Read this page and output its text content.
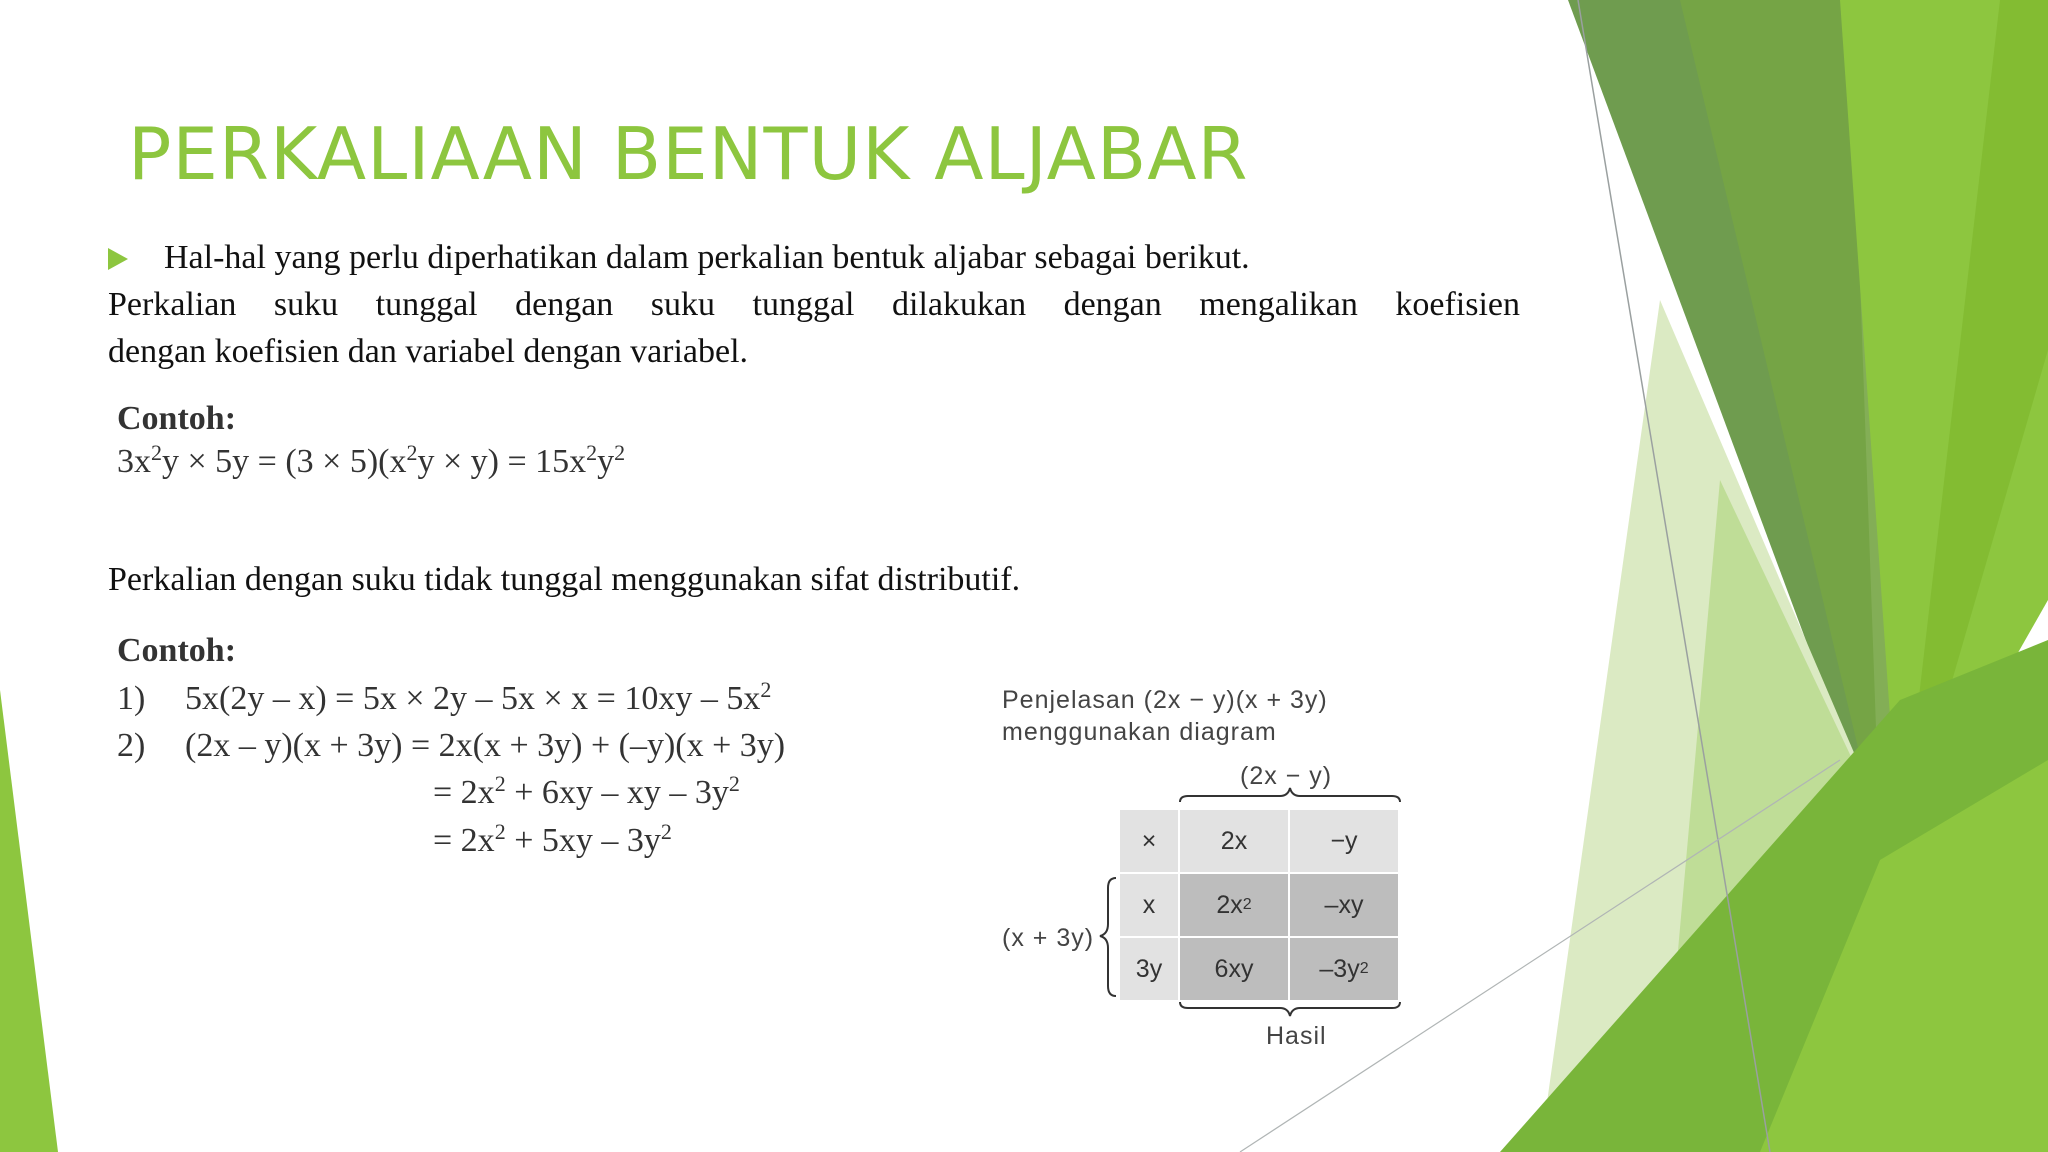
PERKALIAAN BENTUK ALJABAR
Hal-hal yang perlu diperhatikan dalam perkalian bentuk aljabar sebagai berikut.
Perkalian suku tunggal dengan suku tunggal dilakukan dengan mengalikan koefisien
dengan koefisien dan variabel dengan variabel.
Contoh:
$3x^2y \times 5y = (3 \times 5)(x^2y \times y) = 15x^2y^2$
Perkalian dengan suku tidak tunggal menggunakan sifat distributif.
Contoh:
1) $5x(2y - x) = 5x \times 2y - 5x \times x = 10xy - 5x^2$
2) (2x – y)(x + 3y) = 2x(x + 3y) + (–y)(x + 3y)
= $2x^2 + 6xy$ – xy – $3y^2$
= $2x^2 + 5xy - 3y^2$
Penjelasan (2x − y)(x + 3y)
menggunakan diagram
(2x − y)
(x + 3y)
Hasil
×	2x	−y
x	2x 2	–xy
3y	6xy	–3y 2
